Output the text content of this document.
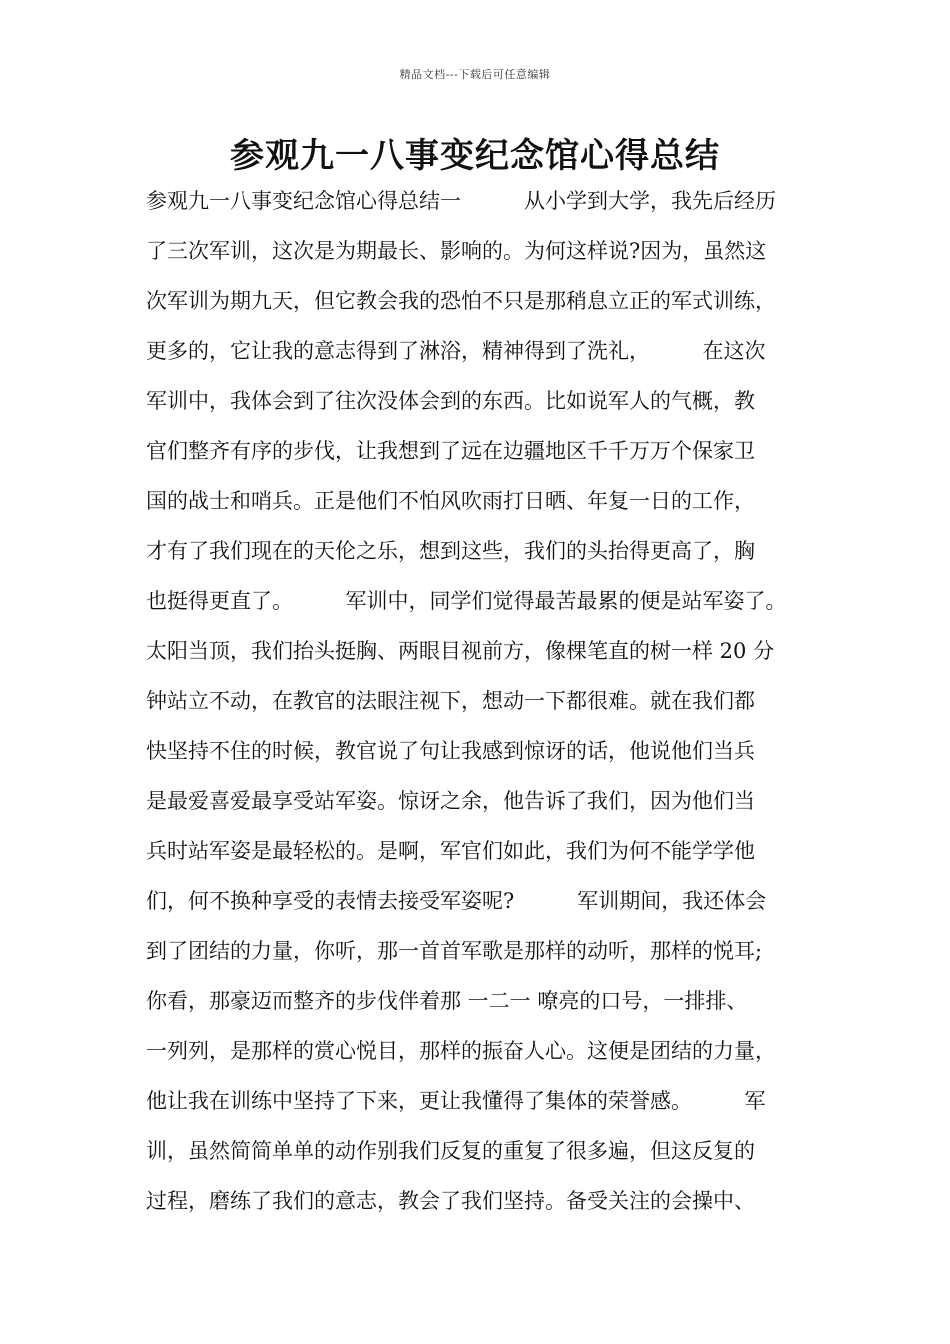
精品文档---下载后可任意编辑
参观九一八事变纪念馆心得总结
参观九一八事变纪念馆心得总结一　　　从小学到大学，我先后经历
了三次军训，这次是为期最长、影响的。为何这样说?因为，虽然这
次军训为期九天，但它教会我的恐怕不只是那稍息立正的军式训练，
更多的，它让我的意志得到了淋浴，精神得到了洗礼，　　　在这次
军训中，我体会到了往次没体会到的东西。比如说军人的气概，教
官们整齐有序的步伐，让我想到了远在边疆地区千千万万个保家卫
国的战士和哨兵。正是他们不怕风吹雨打日晒、年复一日的工作，
才有了我们现在的天伦之乐，想到这些，我们的头抬得更高了，胸
也挺得更直了。　　　军训中，同学们觉得最苦最累的便是站军姿了。
太阳当顶，我们抬头挺胸、两眼目视前方，像棵笔直的树一样 20 分
钟站立不动，在教官的法眼注视下，想动一下都很难。就在我们都
快坚持不住的时候，教官说了句让我感到惊讶的话，他说他们当兵
是最爱喜爱最享受站军姿。惊讶之余，他告诉了我们，因为他们当
兵时站军姿是最轻松的。是啊，军官们如此，我们为何不能学学他
们，何不换种享受的表情去接受军姿呢?　　　军训期间，我还体会
到了团结的力量，你听，那一首首军歌是那样的动听，那样的悦耳;
你看，那豪迈而整齐的步伐伴着那 一二一 嘹亮的口号，一排排、
一列列，是那样的赏心悦目，那样的振奋人心。这便是团结的力量，
他让我在训练中坚持了下来，更让我懂得了集体的荣誉感。　　　军
训，虽然简简单单的动作别我们反复的重复了很多遍，但这反复的
过程，磨练了我们的意志，教会了我们坚持。备受关注的会操中、
